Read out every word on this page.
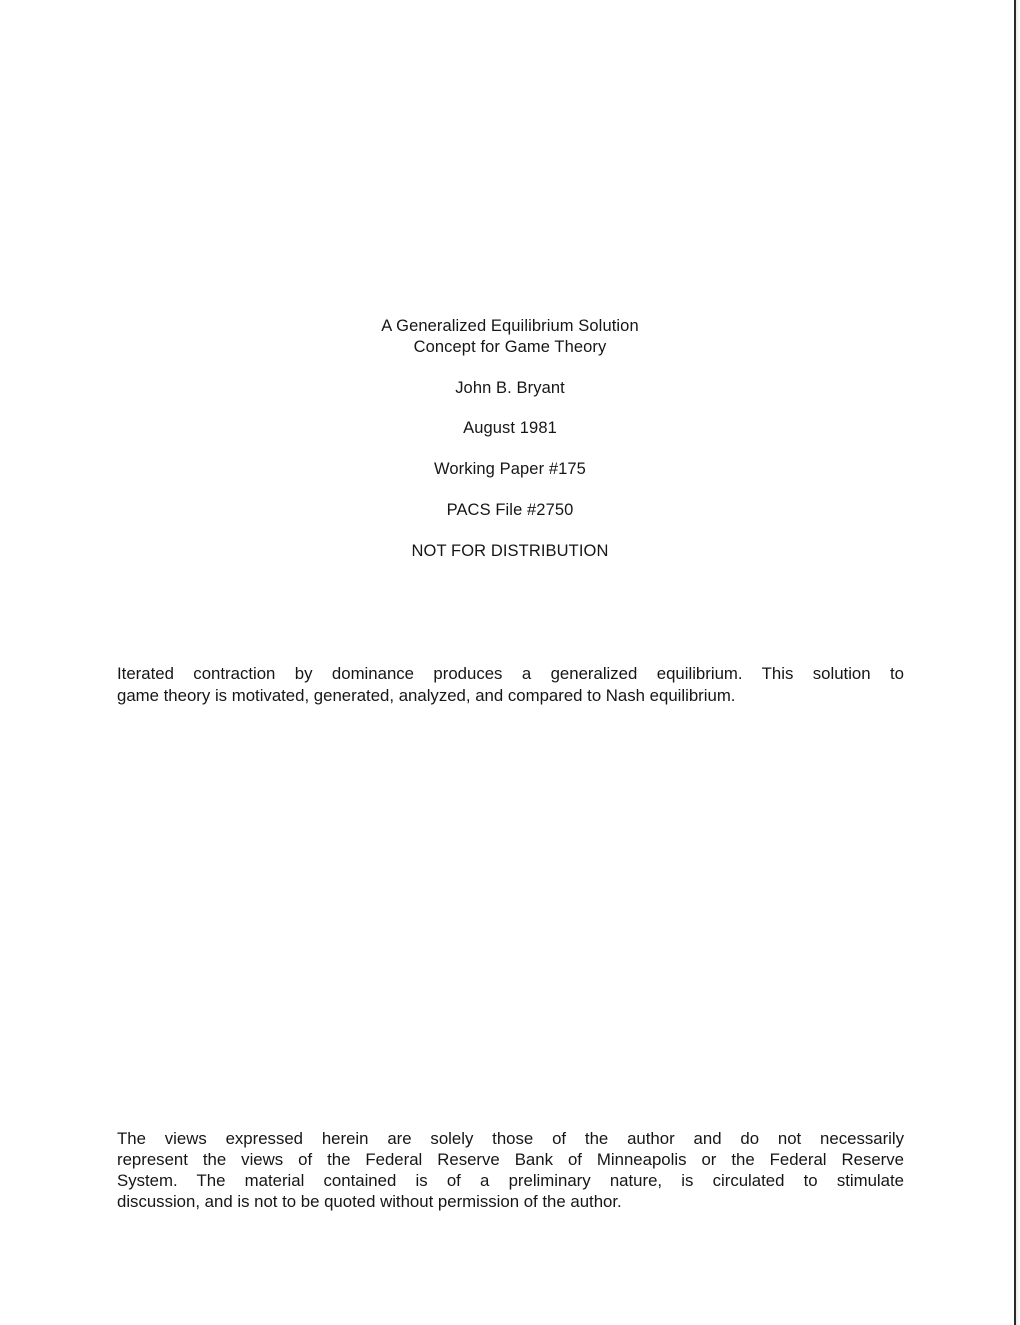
A Generalized Equilibrium Solution
Concept for Game Theory
John B. Bryant
August 1981
Working Paper #175
PACS File #2750
NOT FOR DISTRIBUTION
Iterated contraction by dominance produces a generalized equilibrium. This solution to
game theory is motivated, generated, analyzed, and compared to Nash equilibrium.
The views expressed herein are solely those of the author and do not necessarily
represent the views of the Federal Reserve Bank of Minneapolis or the Federal Reserve
System. The material contained is of a preliminary nature, is circulated to stimulate
discussion, and is not to be quoted without permission of the author.
